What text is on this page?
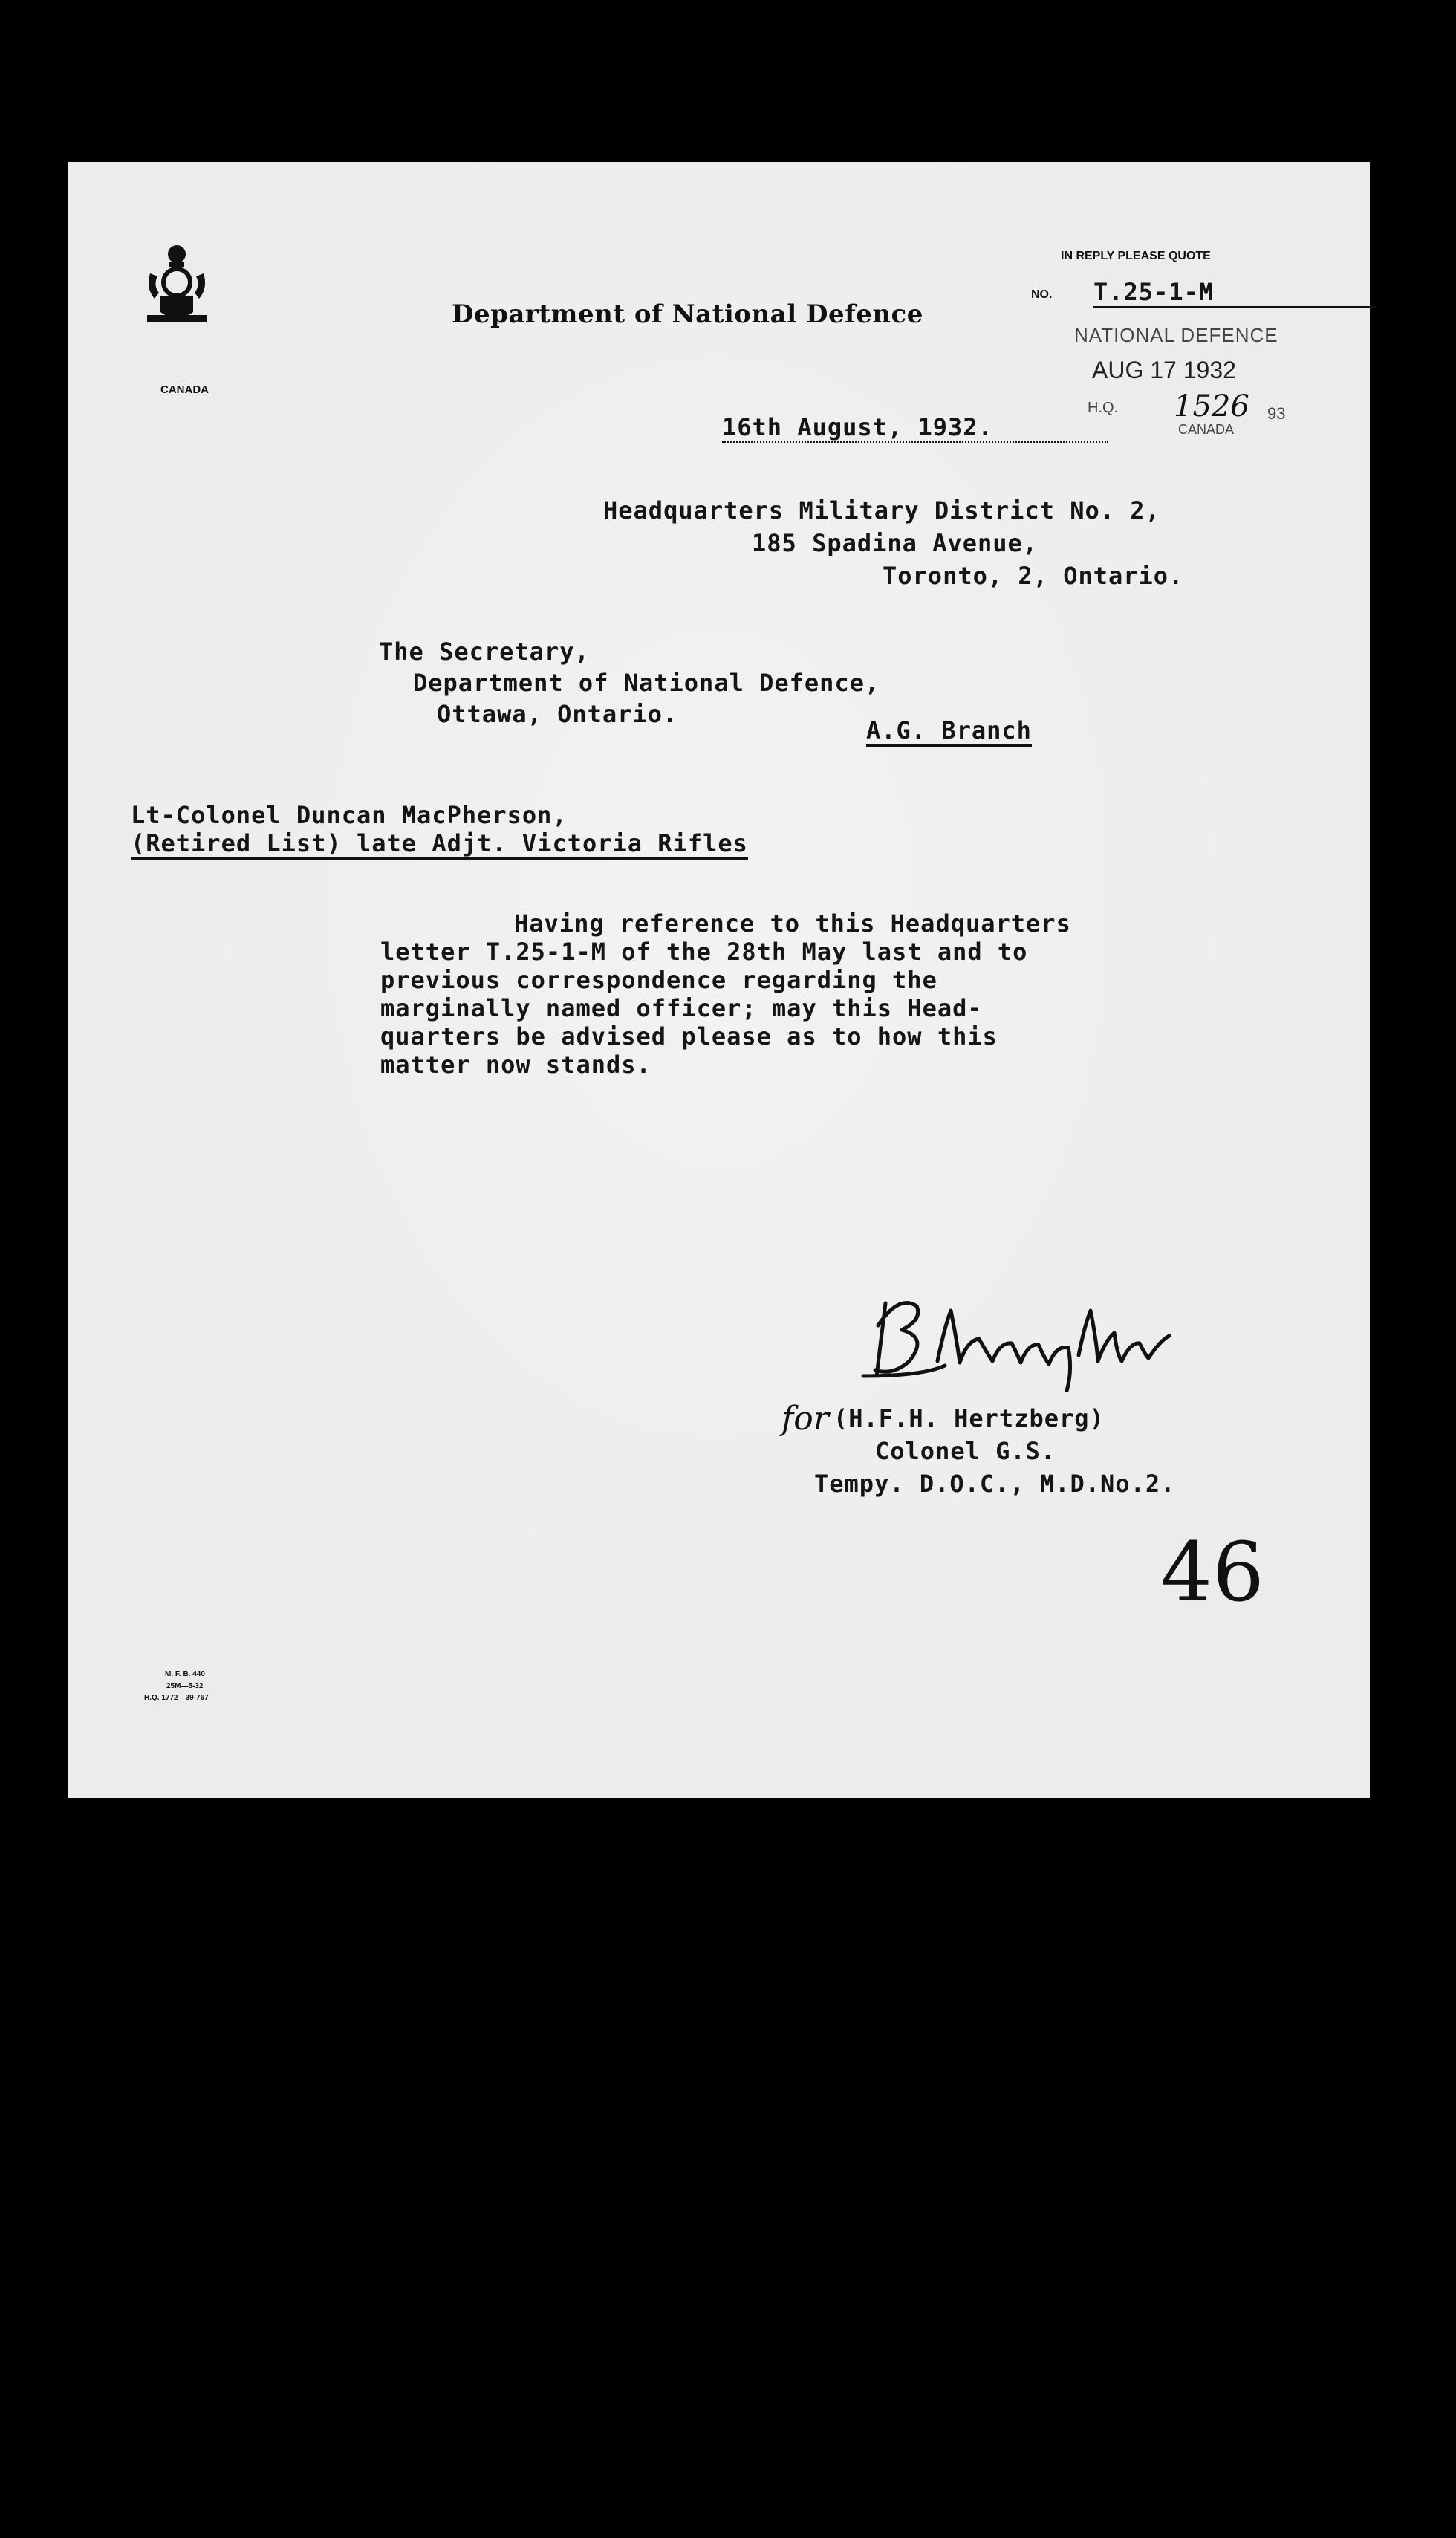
CANADA
Department of National Defence
IN REPLY PLEASE QUOTE
NO. T.25-1-M
NATIONAL DEFENCE
AUG 17 1932
H.Q. 1526 93
CANADA
16th August, 1932.
Headquarters Military District No. 2,
185 Spadina Avenue,
Toronto, 2, Ontario.
The Secretary,
Department of National Defence,
Ottawa, Ontario.
A.G. Branch
Lt-Colonel Duncan MacPherson,
(Retired List) late Adjt. Victoria Rifles

Having reference to this Headquarters

letter T.25-1-M of the 28th May last and to

previous correspondence regarding the

marginally named officer; may this Head-

quarters be advised please as to how this

matter now stands.

for (H.F.H. Hertzberg)
Colonel G.S.
Tempy. D.O.C., M.D.No.2.
46
M. F. B. 440
25M—5-32
H.Q. 1772—39-767
